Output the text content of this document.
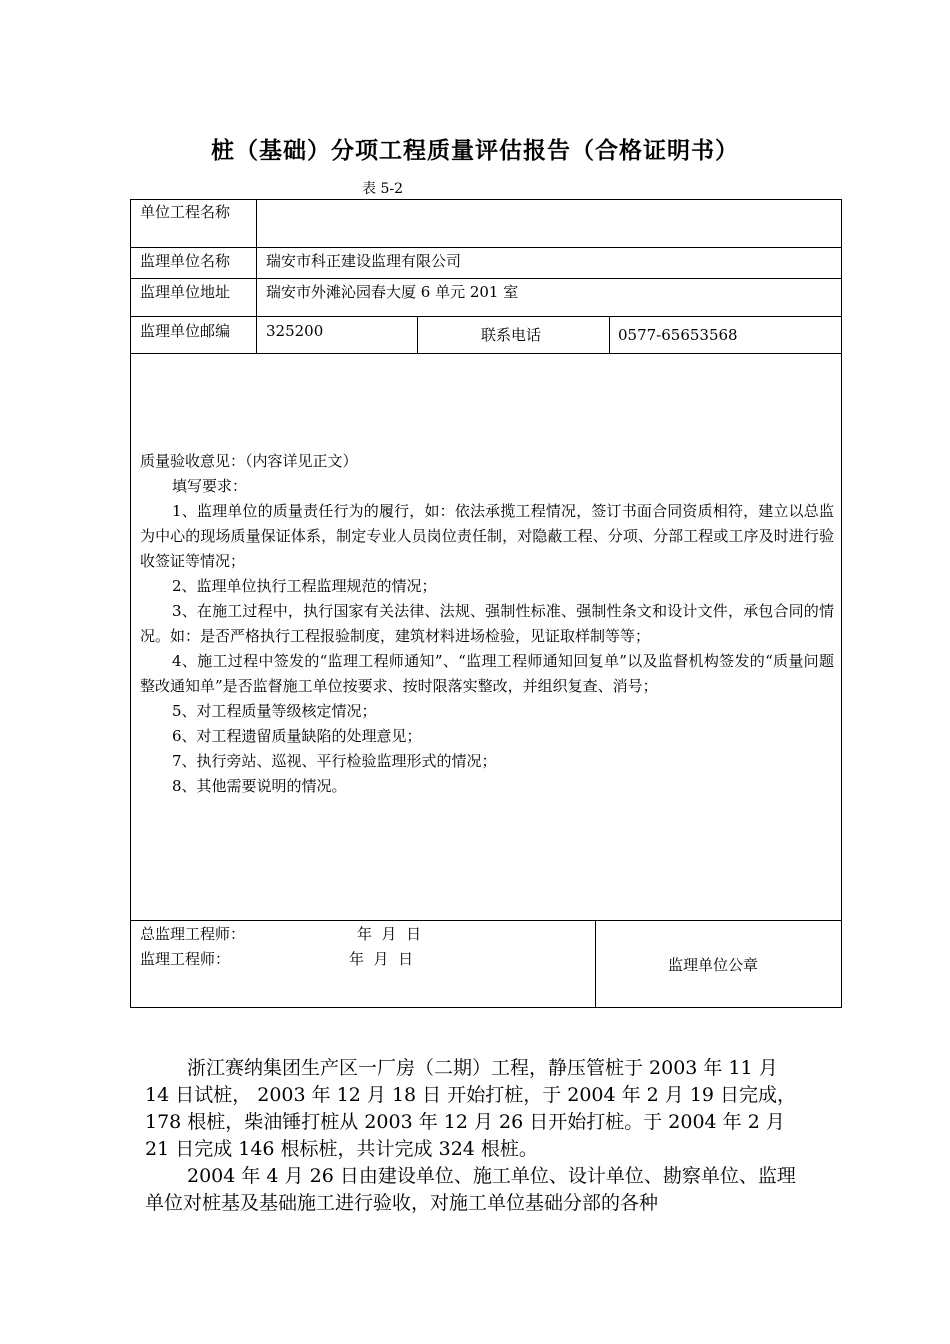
桩（基础）分项工程质量评估报告（合格证明书）
表 5-2
单位工程名称
监理单位名称 瑞安市科正建设监理有限公司
监理单位地址 瑞安市外滩沁园春大厦 6 单元 201 室
监理单位邮编 325200	联系电话	0577-65653568

质量验收意见：（内容详见正文）

填写要求：

1、监理单位的质量责任行为的履行，如：依法承揽工程情况，签订书面合同资质相符，建立以总监为中心的现场质量保证体系，制定专业人员岗位责任制，对隐蔽工程、分项、分部工程或工序及时进行验收签证等情况；

2、监理单位执行工程监理规范的情况；

3、在施工过程中，执行国家有关法律、法规、强制性标准、强制性条文和设计文件，承包合同的情况。如：是否严格执行工程报验制度，建筑材料进场检验，见证取样制等等；

4、施工过程中签发的“监理工程师通知”、“监理工程师通知回复单”以及监督机构签发的“质量问题整改通知单”是否监督施工单位按要求、按时限落实整改，并组织复查、消号；

5、对工程质量等级核定情况；

6、对工程遗留质量缺陷的处理意见；

7、执行旁站、巡视、平行检验监理形式的情况；

8、其他需要说明的情况。

总监理工程师：	年  月  日
监理工程师：	年  月  日	监理单位公章

浙江赛纳集团生产区一厂房（二期）工程，静压管桩于 2003 年 11 月 14 日试桩， 2003 年 12 月 18 日 开始打桩，于 2004 年 2 月 19 日完成，178 根桩，柴油锤打桩从 2003 年 12 月 26 日开始打桩。于 2004 年 2 月 21 日完成 146 根标桩，共计完成 324 根桩。

2004 年 4 月 26 日由建设单位、施工单位、设计单位、勘察单位、监理单位对桩基及基础施工进行验收，对施工单位基础分部的各种
